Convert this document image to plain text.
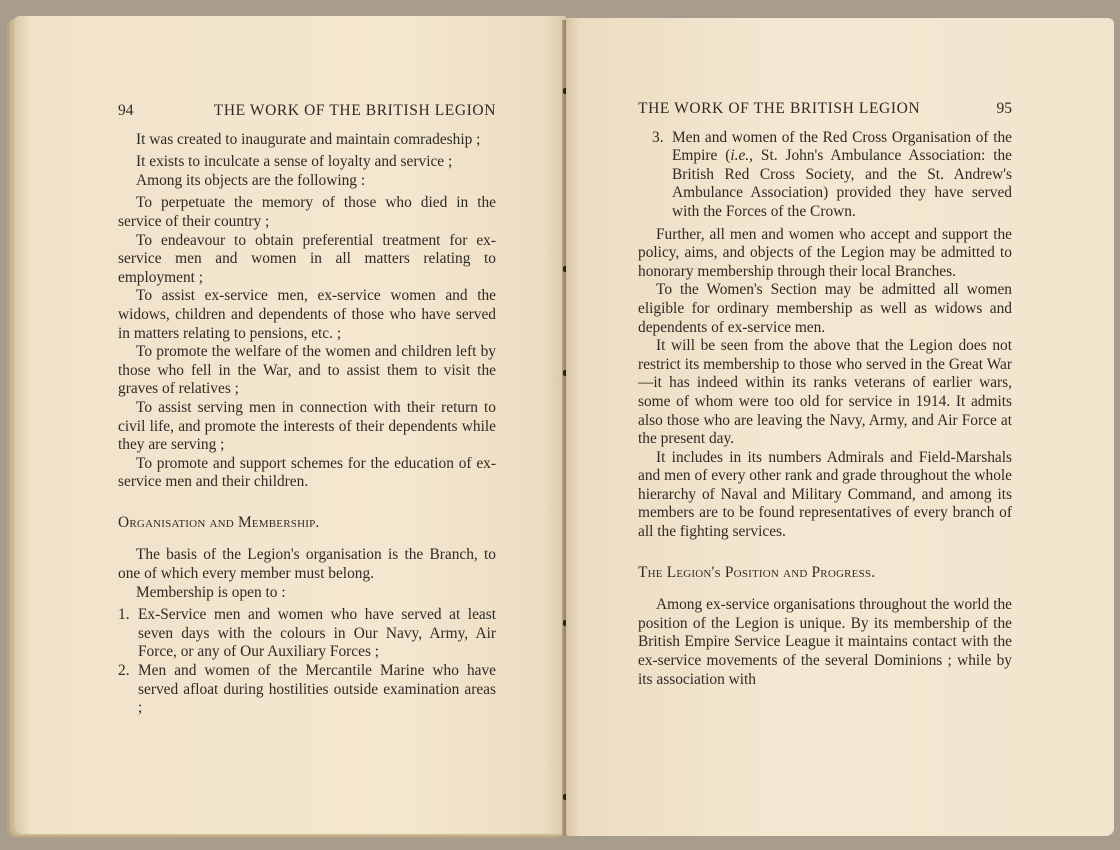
94	THE WORK OF THE BRITISH LEGION

It was created to inaugurate and maintain comradeship ;

It exists to inculcate a sense of loyalty and service ;

Among its objects are the following :

To perpetuate the memory of those who died in the service of their country ;

To endeavour to obtain preferential treatment for ex-service men and women in all matters relating to employment ;

To assist ex-service men, ex-service women and the widows, children and dependents of those who have served in matters relating to pensions, etc. ;

To promote the welfare of the women and children left by those who fell in the War, and to assist them to visit the graves of relatives ;

To assist serving men in connection with their return to civil life, and promote the interests of their dependents while they are serving ;

To promote and support schemes for the education of ex-service men and their children.

Organisation and Membership.

The basis of the Legion's organisation is the Branch, to one of which every member must belong.

Membership is open to :

1. Ex-Service men and women who have served at least seven days with the colours in Our Navy, Army, Air Force, or any of Our Auxiliary Forces ;
2. Men and women of the Mercantile Marine who have served afloat during hostilities outside examination areas ;
THE WORK OF THE BRITISH LEGION	95
3. Men and women of the Red Cross Organisation of the Empire (i.e., St. John's Ambulance Association: the British Red Cross Society, and the St. Andrew's Ambulance Association) provided they have served with the Forces of the Crown.

Further, all men and women who accept and support the policy, aims, and objects of the Legion may be admitted to honorary membership through their local Branches.

To the Women's Section may be admitted all women eligible for ordinary membership as well as widows and dependents of ex-service men.

It will be seen from the above that the Legion does not restrict its membership to those who served in the Great War—it has indeed within its ranks veterans of earlier wars, some of whom were too old for service in 1914. It admits also those who are leaving the Navy, Army, and Air Force at the present day.

It includes in its numbers Admirals and Field-Marshals and men of every other rank and grade throughout the whole hierarchy of Naval and Military Command, and among its members are to be found representatives of every branch of all the fighting services.

The Legion's Position and Progress.

Among ex-service organisations throughout the world the position of the Legion is unique. By its membership of the British Empire Service League it maintains contact with the ex-service movements of the several Dominions ; while by its association with
